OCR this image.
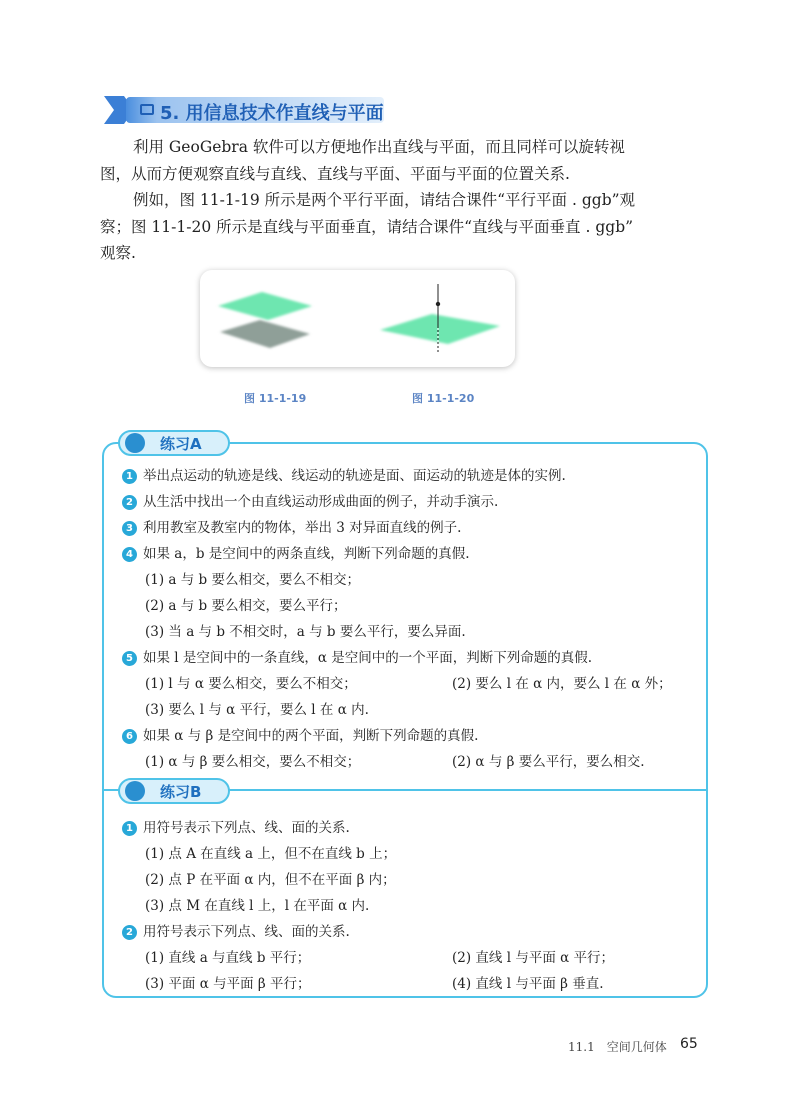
5. 用信息技术作直线与平面
利用 GeoGebra 软件可以方便地作出直线与平面，而且同样可以旋转视
图，从而方便观察直线与直线、直线与平面、平面与平面的位置关系.
例如，图 11-1-19 所示是两个平行平面，请结合课件“平行平面 . ggb”观
察；图 11-1-20 所示是直线与平面垂直，请结合课件“直线与平面垂直 . ggb”
观察.
图 11-1-19	图 11-1-20
练习A
1 举出点运动的轨迹是线、线运动的轨迹是面、面运动的轨迹是体的实例.
2 从生活中找出一个由直线运动形成曲面的例子，并动手演示.
3 利用教室及教室内的物体，举出 3 对异面直线的例子.
4 如果 a，b 是空间中的两条直线，判断下列命题的真假.
(1) a 与 b 要么相交，要么不相交；
(2) a 与 b 要么相交，要么平行；
(3) 当 a 与 b 不相交时，a 与 b 要么平行，要么异面.
5 如果 l 是空间中的一条直线，α 是空间中的一个平面，判断下列命题的真假.
(1) l 与 α 要么相交，要么不相交；	(2) 要么 l 在 α 内，要么 l 在 α 外；
(3) 要么 l 与 α 平行，要么 l 在 α 内.
6 如果 α 与 β 是空间中的两个平面，判断下列命题的真假.
(1) α 与 β 要么相交，要么不相交；	(2) α 与 β 要么平行，要么相交.
练习B
1 用符号表示下列点、线、面的关系.
(1) 点 A 在直线 a 上，但不在直线 b 上；
(2) 点 P 在平面 α 内，但不在平面 β 内；
(3) 点 M 在直线 l 上，l 在平面 α 内.
2 用符号表示下列点、线、面的关系.
(1) 直线 a 与直线 b 平行；	(2) 直线 l 与平面 α 平行；
(3) 平面 α 与平面 β 平行；	(4) 直线 l 与平面 β 垂直.
11.1　空间几何体 65
